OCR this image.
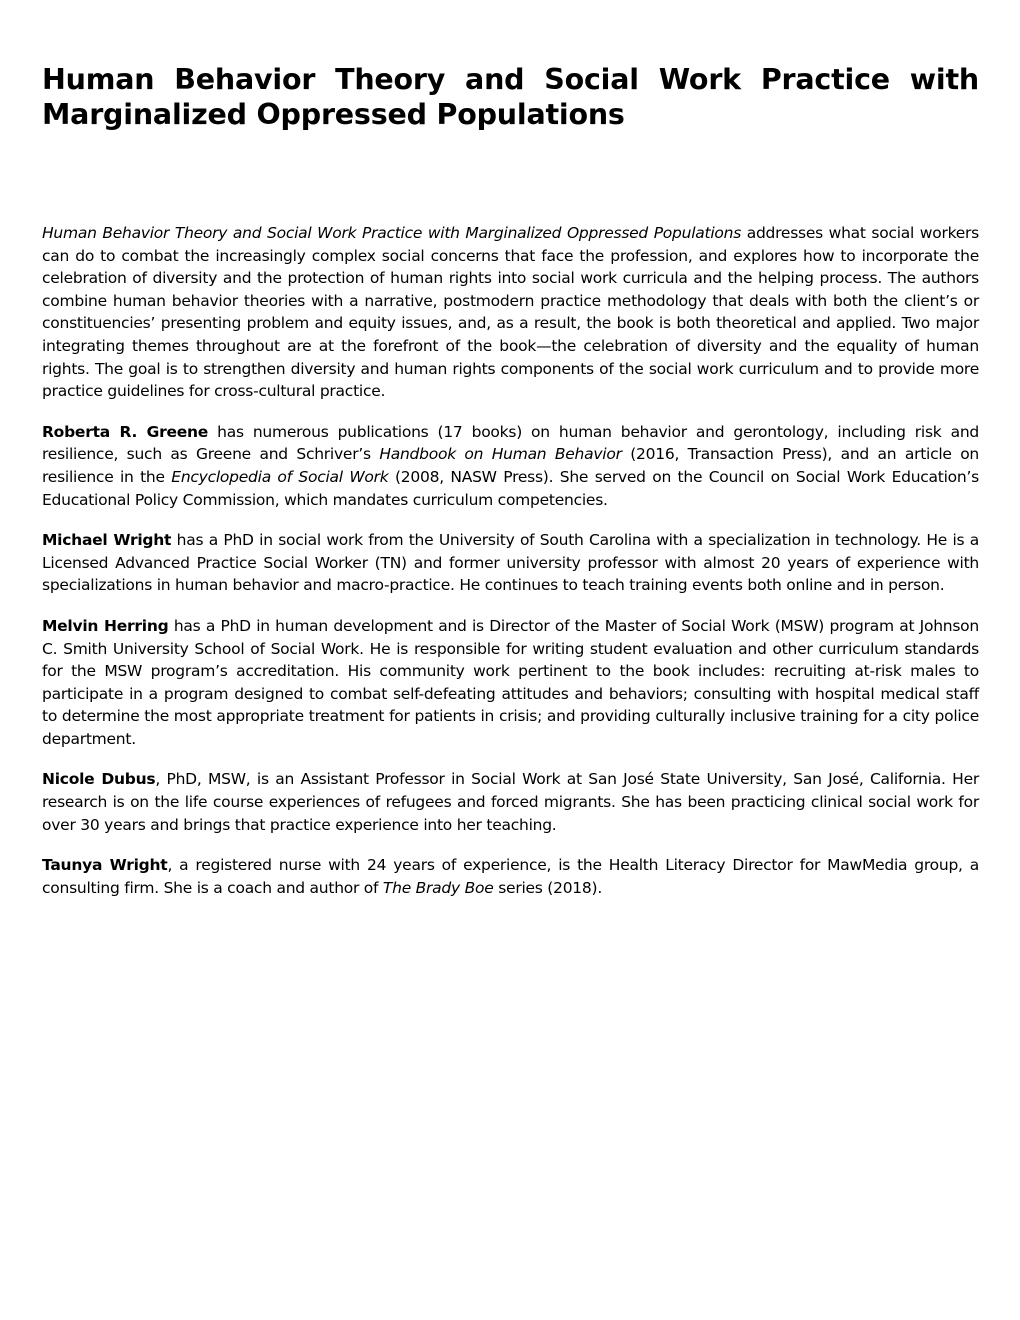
Human Behavior Theory and Social Work Practice with Marginalized Oppressed Populations

Human Behavior Theory and Social Work Practice with Marginalized Oppressed Populations addresses what social workers can do to combat the increasingly complex social concerns that face the profession, and explores how to incorporate the celebration of diversity and the protection of human rights into social work curricula and the helping process. The authors combine human behavior theories with a narrative, postmodern practice methodology that deals with both the client’s or constituencies’ presenting problem and equity issues, and, as a result, the book is both theoretical and applied. Two major integrating themes throughout are at the forefront of the book—the celebration of diversity and the equality of human rights. The goal is to strengthen diversity and human rights components of the social work curriculum and to provide more practice guidelines for cross-cultural practice.

Roberta R. Greene has numerous publications (17 books) on human behavior and gerontology, including risk and resilience, such as Greene and Schriver’s Handbook on Human Behavior (2016, Transaction Press), and an article on resilience in the Encyclopedia of Social Work (2008, NASW Press). She served on the Council on Social Work Education’s Educational Policy Commission, which mandates curriculum competencies.

Michael Wright has a PhD in social work from the University of South Carolina with a specialization in technology. He is a Licensed Advanced Practice Social Worker (TN) and former university professor with almost 20 years of experience with specializations in human behavior and macro-practice. He continues to teach training events both online and in person.

Melvin Herring has a PhD in human development and is Director of the Master of Social Work (MSW) program at Johnson C. Smith University School of Social Work. He is responsible for writing student evaluation and other curriculum standards for the MSW program’s accreditation. His community work pertinent to the book includes: recruiting at-risk males to participate in a program designed to combat self-defeating attitudes and behaviors; consulting with hospital medical staff to determine the most appropriate treatment for patients in crisis; and providing culturally inclusive training for a city police department.

Nicole Dubus, PhD, MSW, is an Assistant Professor in Social Work at San José State University, San José, California. Her research is on the life course experiences of refugees and forced migrants. She has been practicing clinical social work for over 30 years and brings that practice experience into her teaching.

Taunya Wright, a registered nurse with 24 years of experience, is the Health Literacy Director for MawMedia group, a consulting firm. She is a coach and author of The Brady Boe series (2018).
